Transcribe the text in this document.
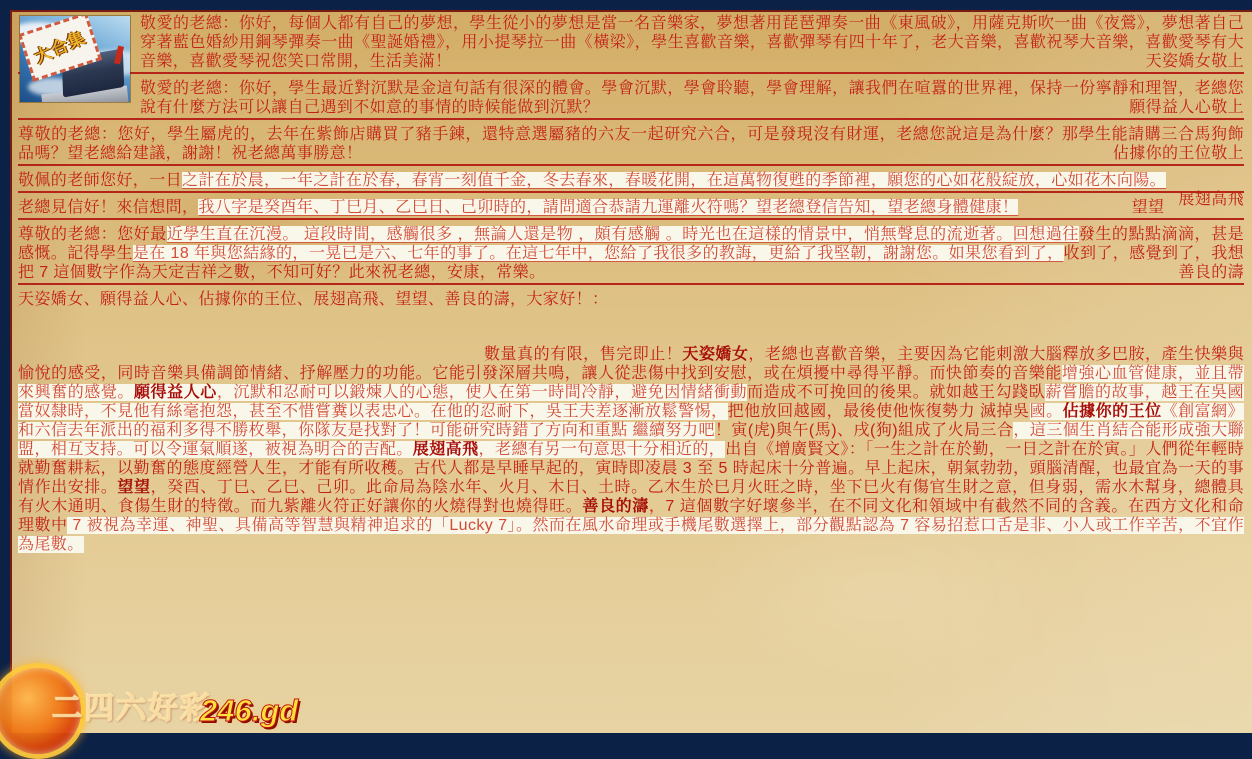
大合集
敬愛的老總：你好，每個人都有自己的夢想，學生從小的夢想是當一名音樂家，夢想著用琵琶彈奏一曲《東風破》，用薩克斯吹一曲《夜鶯》，夢想著自己穿著藍色婚紗用鋼琴彈奏一曲《聖誕婚禮》，用小提琴拉一曲《橫梁》，學生喜歡音樂，喜歡彈琴有四十年了，老大音樂，喜歡祝琴大音樂，喜歡愛琴有大音樂，喜歡愛琴祝您笑口常開，生活美滿！	天姿嬌女敬上
敬愛的老總：你好，學生最近對沉默是金這句話有很深的體會。學會沉默，學會聆聽，學會理解，讓我們在喧囂的世界裡，保持一份寧靜和理智，老總您說有什麼方法可以讓自己遇到不如意的事情的時候能做到沉默？	願得益人心敬上
尊敬的老總：您好，學生屬虎的，去年在紫飾店購買了豬手鍊，還特意選屬豬的六友一起研究六合，可是發現沒有財運，老總您說這是為什麼？那學生能請購三合馬狗飾品嗎？望老總給建議，謝謝！祝老總萬事勝意！	佔據你的王位敬上
敬佩的老師您好，一日之計在於晨，一年之計在於春，春宵一刻值千金，冬去春來，春暖花開，在這萬物復甦的季節裡，願您的心如花般綻放，心如花木向陽。
展翅高飛
老總見信好！來信想問，我八字是癸酉年、丁巳月、乙巳日、己卯時的，請問適合恭請九運離火符嗎？望老總登信告知，望老總身體健康！	望望
尊敬的老總：您好最近學生直在沉漫。 這段時間，感觸很多 ，無論人還是物 ，頗有感觸 。時光也在這樣的情景中，悄無聲息的流逝著。回想過往發生的點點滴滴，甚是感慨。記得學生是在 18 年與您結緣的，一晃已是六、七年的事了。在這七年中，您給了我很多的教誨，更給了我堅韌，謝謝您。如果您看到了，收到了，感覺到了，我想把 7 這個數字作為天定吉祥之數，不知可好？此來祝老總，安康，常樂。	善良的濤
天姿嬌女、願得益人心、佔據你的王位、展翅高飛、望望、善良的濤，大家好！：
數量真的有限，售完即止！天姿嬌女，老總也喜歡音樂，主要因為它能刺激大腦釋放多巴胺，產生快樂與愉悅的感受，同時音樂具備調節情緒、抒解壓力的功能。它能引發深層共鳴，讓人從悲傷中找到安慰，或在煩擾中尋得平靜。而快節奏的音樂能增強心血管健康，並且帶來興奮的感覺。願得益人心，沉默和忍耐可以鍛煉人的心態，使人在第一時間冷靜，避免因情緒衝動而造成不可挽回的後果。就如越王勾踐臥薪嘗膽的故事，越王在吳國當奴隸時，不見他有絲毫抱怨，甚至不惜嘗糞以表忠心。在他的忍耐下，吳王夫差逐漸放鬆警惕，把他放回越國，最後使他恢復勢力 滅掉吳國。佔據你的王位《創富網》和六信去年派出的福利多得不勝枚舉，你隊友是找對了！可能研究時錯了方向和重點 繼續努力吧！寅(虎)與午(馬)、戌(狗)組成了火局三合，這三個生肖結合能形成強大聯盟，相互支持。可以令運氣順遂，被視為明合的吉配。展翅高飛，老總有另一句意思十分相近的，出自《增廣賢文》：「一生之計在於勤，一日之計在於寅。」人們從年輕時就勤奮耕耘，以勤奮的態度經營人生，才能有所收穫。古代人都是早睡早起的，寅時即凌晨 3 至 5 時起床十分普遍。早上起床，朝氣勃勃，頭腦清醒，也最宜為一天的事情作出安排。望望，癸酉、丁巳、乙巳、己卯。此命局為陰水年、火月、木日、土時。乙木生於巳月火旺之時，坐下巳火有傷官生財之意，但身弱，需水木幫身，總體具有火木通明、食傷生財的特徵。而九紫離火符正好讓你的火燒得對也燒得旺。善良的濤，7 這個數字好壞參半，在不同文化和領域中有截然不同的含義。在西方文化和命理數中 7 被視為幸運、神聖、具備高等智慧與精神追求的「Lucky 7」。然而在風水命理或手機尾數選擇上，部分觀點認為 7 容易招惹口舌是非、小人或工作辛苦，不宜作為尾數。
二四六好彩
246.gd
